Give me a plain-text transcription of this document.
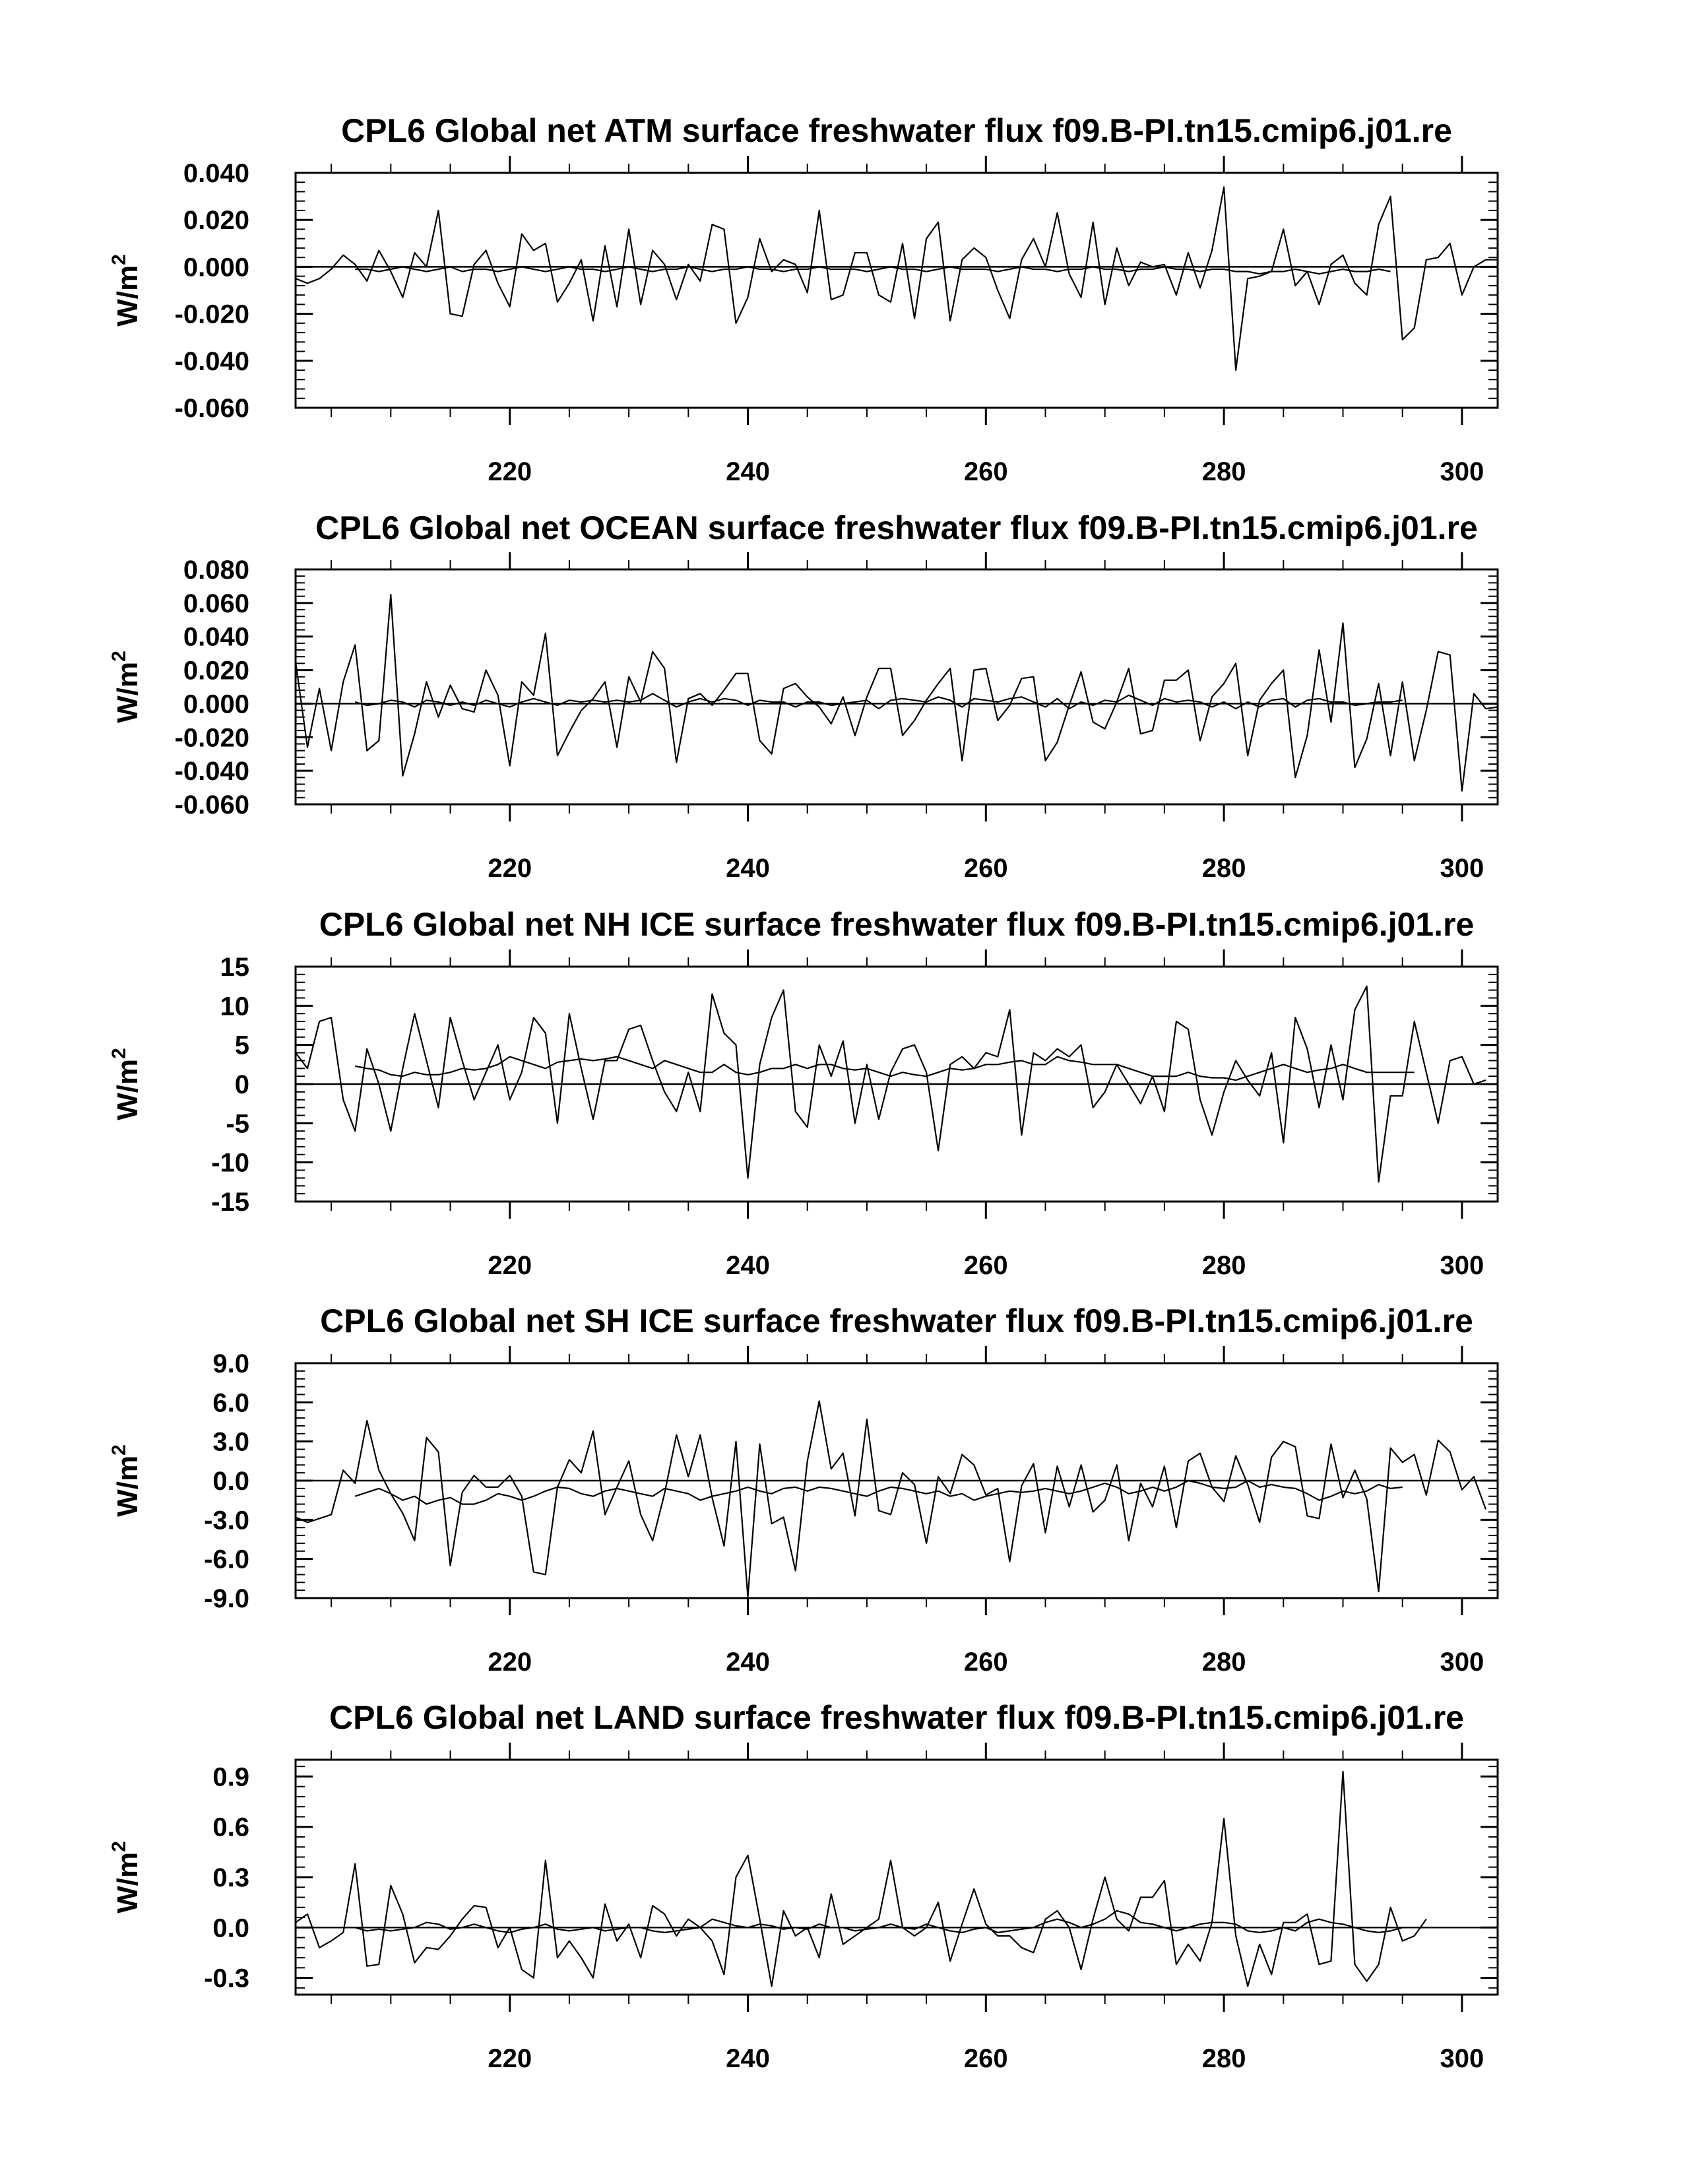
CPL6 Global net ATM surface freshwater flux f09.B-PI.tn15.cmip6.j01.re
-0.060
-0.040
-0.020
0.000
0.020
0.040
220	240	260	280	300
$W/m^2$
CPL6 Global net OCEAN surface freshwater flux f09.B-PI.tn15.cmip6.j01.re
-0.060
-0.040
-0.020
0.000
0.020
0.040
0.060
0.080
220	240	260	280	300
$W/m^2$
CPL6 Global net NH ICE surface freshwater flux f09.B-PI.tn15.cmip6.j01.re
-15
-10
-5
0
5
10
15
220	240	260	280	300
$W/m^2$
CPL6 Global net SH ICE surface freshwater flux f09.B-PI.tn15.cmip6.j01.re
-9.0
-6.0
-3.0
0.0
3.0
6.0
9.0
220	240	260	280	300
$W/m^2$
CPL6 Global net LAND surface freshwater flux f09.B-PI.tn15.cmip6.j01.re
-0.3
0.0
0.3
0.6
0.9
220	240	260	280	300
$W/m^2$
